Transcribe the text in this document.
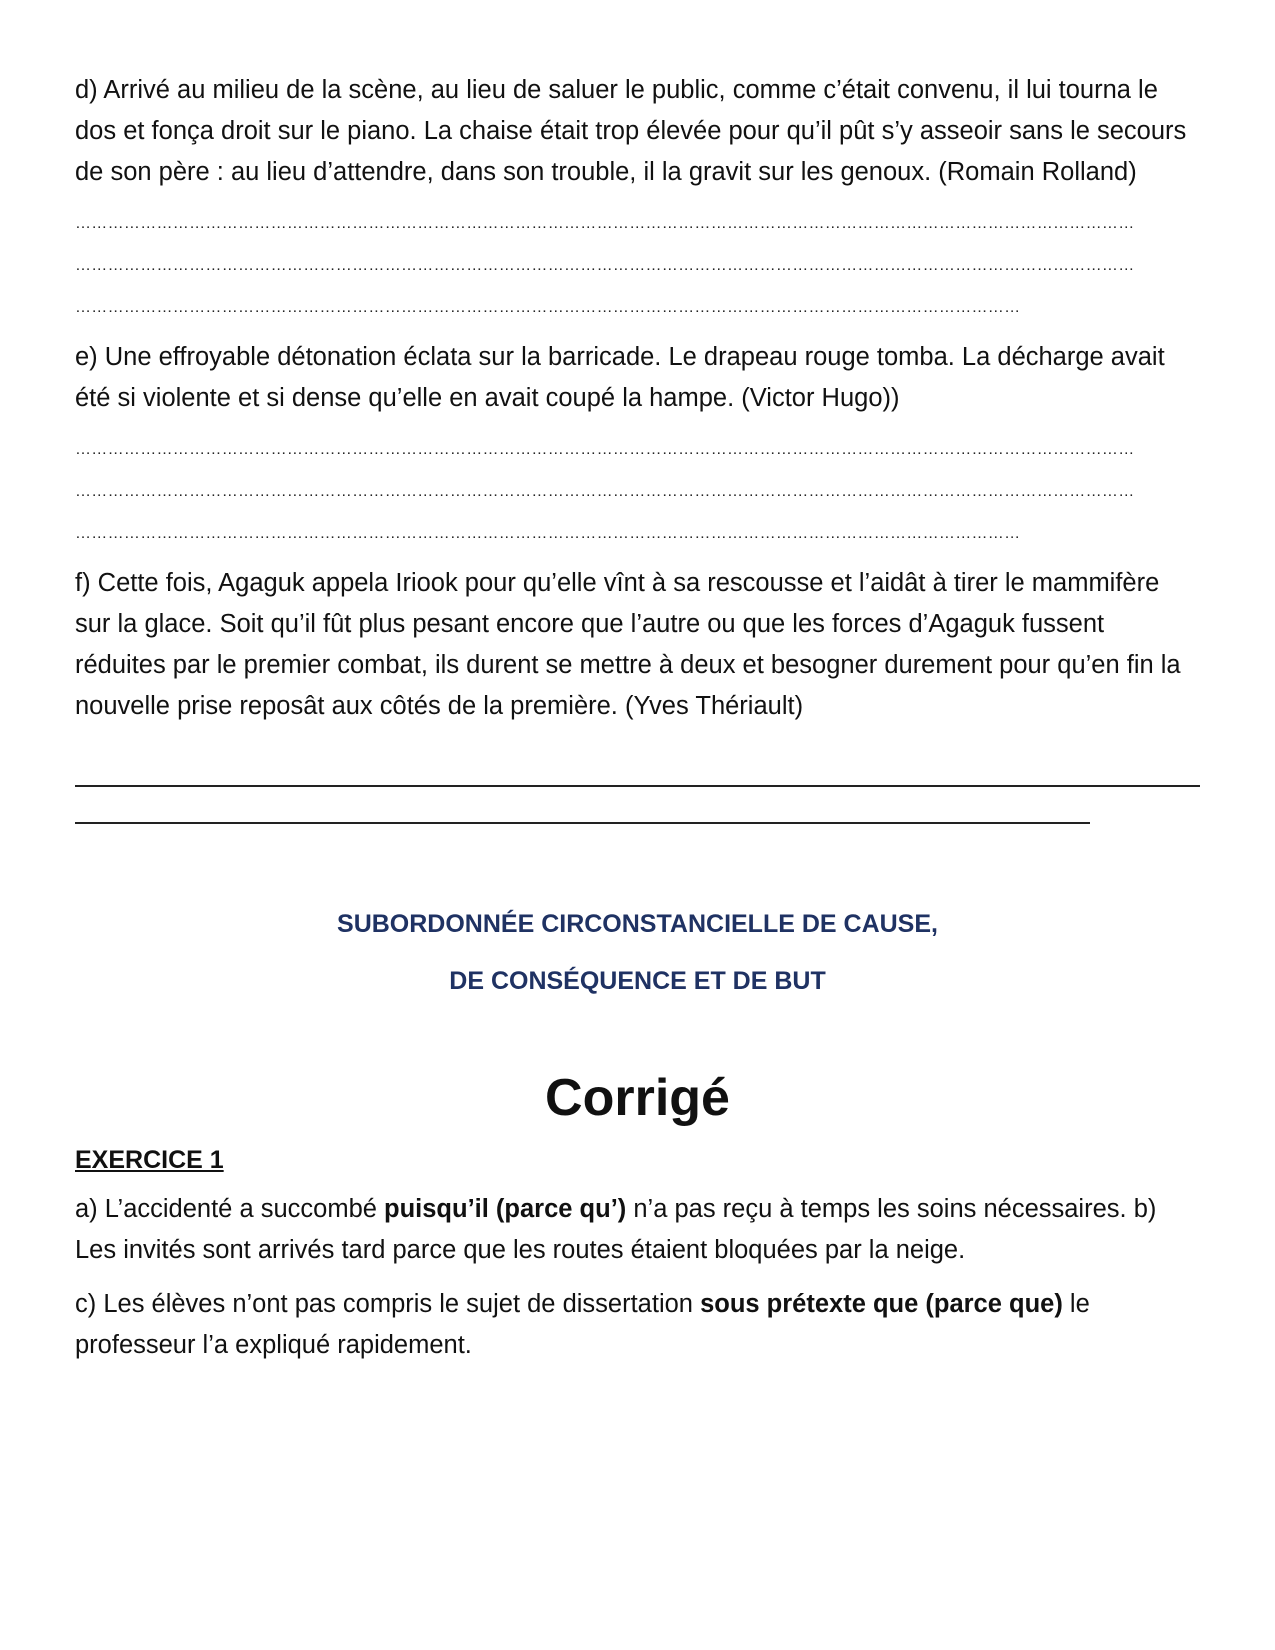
d) Arrivé au milieu de la scène, au lieu de saluer le public, comme c’était convenu, il lui tourna le dos et fonça droit sur le piano. La chaise était trop élevée pour qu’il pût s’y asseoir sans le secours de son père : au lieu d’attendre, dans son trouble, il la gravit sur les genoux. (Romain Rolland)

……………………………………………………………………………………………………………………………………………………………………………

……………………………………………………………………………………………………………………………………………………………………………

…………………………………………………………………………………………………………………………………………………………

e) Une effroyable détonation éclata sur la barricade. Le drapeau rouge tomba. La décharge avait été si violente et si dense qu’elle en avait coupé la hampe. (Victor Hugo))

……………………………………………………………………………………………………………………………………………………………………………

……………………………………………………………………………………………………………………………………………………………………………

…………………………………………………………………………………………………………………………………………………………

f) Cette fois, Agaguk appela Iriook pour qu’elle vînt à sa rescousse et l’aidât à tirer le mammifère sur la glace. Soit qu’il fût plus pesant encore que l’autre ou que les forces d’Agaguk fussent réduites par le premier combat, ils durent se mettre à deux et besogner durement pour qu’en fin la nouvelle prise reposât aux côtés de la première. (Yves Thériault)

SUBORDONNÉE CIRCONSTANCIELLE DE CAUSE,

DE CONSÉQUENCE ET DE BUT

Corrigé

EXERCICE 1

a) L’accidenté a succombé puisqu’il (parce qu’) n’a pas reçu à temps les soins nécessaires. b) Les invités sont arrivés tard parce que les routes étaient bloquées par la neige.

c) Les élèves n’ont pas compris le sujet de dissertation sous prétexte que (parce que) le professeur l’a expliqué rapidement.
